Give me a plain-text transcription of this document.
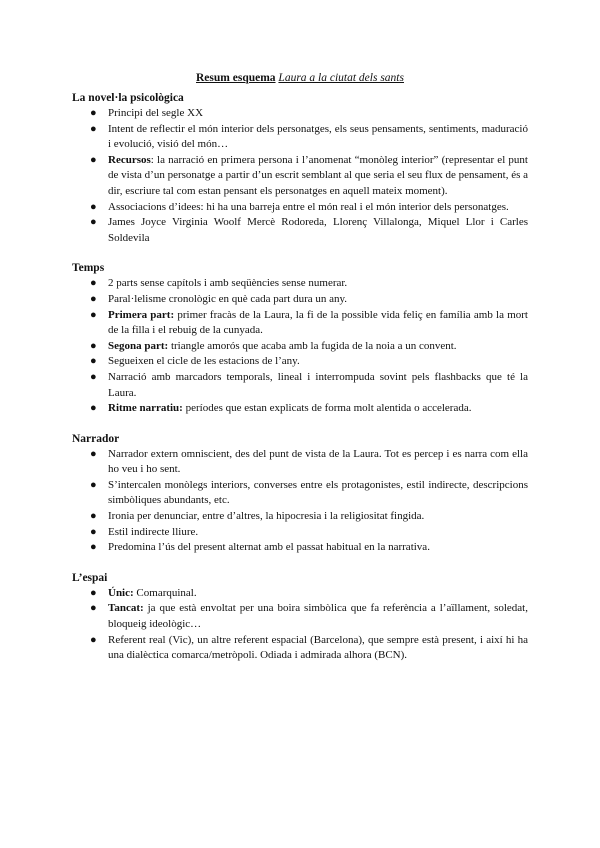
Resum esquema Laura a la ciutat dels sants
La novel·la psicològica
● Principi del segle XX
● Intent de reflectir el món interior dels personatges, els seus pensaments, sentiments, maduració i evolució, visió del món…
● Recursos: la narració en primera persona i l’anomenat “monòleg interior” (representar el punt de vista d’un personatge a partir d’un escrit semblant al que seria el seu flux de pensament, és a dir, escriure tal com estan pensant els personatges en aquell mateix moment).
● Associacions d’idees: hi ha una barreja entre el món real i el món interior dels personatges.
● James Joyce Virginia Woolf Mercè Rodoreda, Llorenç Villalonga, Miquel Llor i Carles Soldevila
Temps
● 2 parts sense capítols i amb seqüències sense numerar.
● Paral·lelisme cronològic en què cada part dura un any.
● Primera part: primer fracàs de la Laura, la fi de la possible vida feliç en família amb la mort de la filla i el rebuig de la cunyada.
● Segona part: triangle amorós que acaba amb la fugida de la noia a un convent.
● Segueixen el cicle de les estacions de l’any.
● Narració amb marcadors temporals, lineal i interrompuda sovint pels flashbacks que té la Laura.
● Ritme narratiu: períodes que estan explicats de forma molt alentida o accelerada.
Narrador
● Narrador extern omniscient, des del punt de vista de la Laura. Tot es percep i es narra com ella ho veu i ho sent.
● S’intercalen monòlegs interiors, converses entre els protagonistes, estil indirecte, descripcions simbòliques abundants, etc.
● Ironia per denunciar, entre d’altres, la hipocresia i la religiositat fingida.
● Estil indirecte lliure.
● Predomina l’ús del present alternat amb el passat habitual en la narrativa.
L’espai
● Únic: Comarquinal.
● Tancat: ja que està envoltat per una boira simbòlica que fa referència a l’aïllament, soledat, bloqueig ideològic…
● Referent real (Vic), un altre referent espacial (Barcelona), que sempre està present, i així hi ha una dialèctica comarca/metròpoli. Odiada i admirada alhora (BCN).
